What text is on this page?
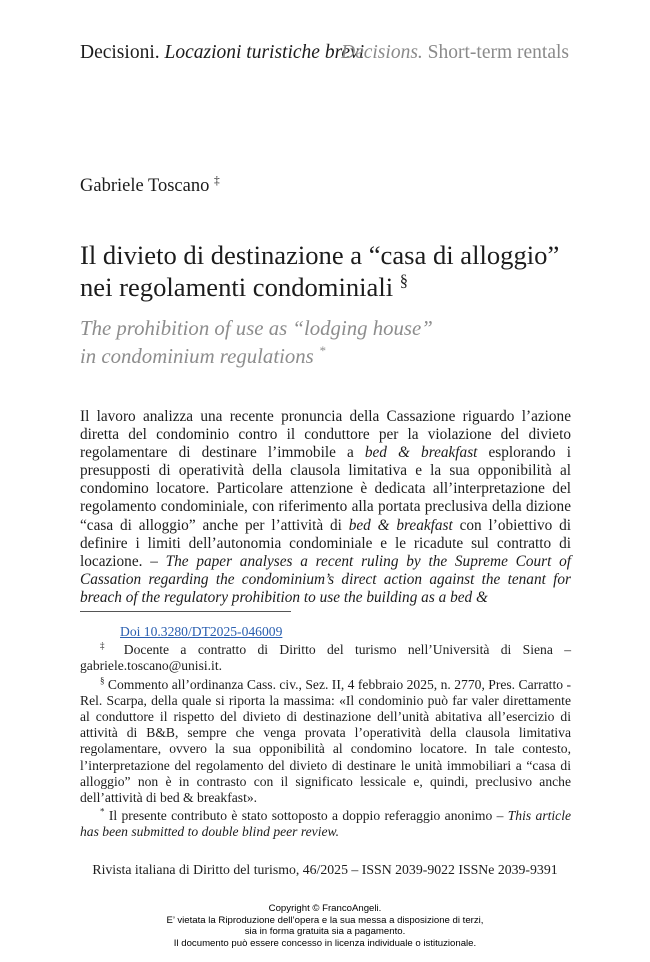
Decisioni. Locazioni turistiche brevi
Decisions. Short-term rentals
Gabriele Toscano ‡
Il divieto di destinazione a “casa di alloggio”
nei regolamenti condominiali §
The prohibition of use as “lodging house”
in condominium regulations *
Il lavoro analizza una recente pronuncia della Cassazione riguardo l’azione diretta del condominio contro il conduttore per la violazione del divieto regolamentare di destinare l’immobile a bed & breakfast esplorando i presupposti di operatività della clausola limitativa e la sua opponibilità al condomino locatore. Particolare attenzione è dedicata all’interpretazione del regolamento condominiale, con riferimento alla portata preclusiva della dizione “casa di alloggio” anche per l’attività di bed & breakfast con l’obiettivo di definire i limiti dell’autonomia condominiale e le ricadute sul contratto di locazione. – The paper analyses a recent ruling by the Supreme Court of Cassation regarding the condominium’s direct action against the tenant for breach of the regulatory prohibition to use the building as a bed &

Doi 10.3280/DT2025-046009

‡ Docente a contratto di Diritto del turismo nell’Università di Siena – gabriele.toscano@unisi.it.

§ Commento all’ordinanza Cass. civ., Sez. II, 4 febbraio 2025, n. 2770, Pres. Carratto - Rel. Scarpa, della quale si riporta la massima: «Il condominio può far valer direttamente al conduttore il rispetto del divieto di destinazione dell’unità abitativa all’esercizio di attività di B&B, sempre che venga provata l’operatività della clausola limitativa regolamentare, ovvero la sua opponibilità al condomino locatore. In tale contesto, l’interpretazione del regolamento del divieto di destinare le unità immobiliari a “casa di alloggio” non è in contrasto con il significato lessicale e, quindi, preclusivo anche dell’attività di bed & breakfast».

* Il presente contributo è stato sottoposto a doppio referaggio anonimo – This article has been submitted to double blind peer review.

Rivista italiana di Diritto del turismo, 46/2025 – ISSN 2039-9022 ISSNe 2039-9391
Copyright © FrancoAngeli.
E’ vietata la Riproduzione dell’opera e la sua messa a disposizione di terzi,
sia in forma gratuita sia a pagamento.
Il documento può essere concesso in licenza individuale o istituzionale.
